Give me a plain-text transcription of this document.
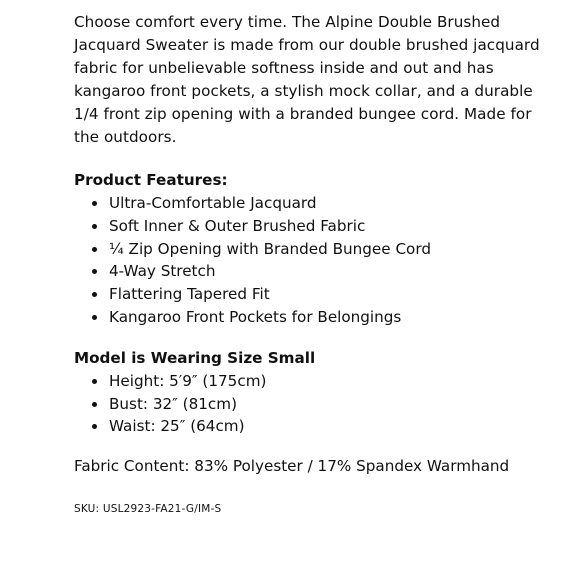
Choose comfort every time. The Alpine Double Brushed Jacquard Sweater is made from our double brushed jacquard fabric for unbelievable softness inside and out and has kangaroo front pockets, a stylish mock collar, and a durable 1/4 front zip opening with a branded bungee cord. Made for the outdoors.

Product Features:
Ultra-Comfortable Jacquard
Soft Inner & Outer Brushed Fabric
¼ Zip Opening with Branded Bungee Cord
4-Way Stretch
Flattering Tapered Fit
Kangaroo Front Pockets for Belongings
Model is Wearing Size Small
Height: 5′9″ (175cm)
Bust: 32″ (81cm)
Waist: 25″ (64cm)

Fabric Content: 83% Polyester / 17% Spandex Warmhand

SKU: USL2923-FA21-G/IM-S
